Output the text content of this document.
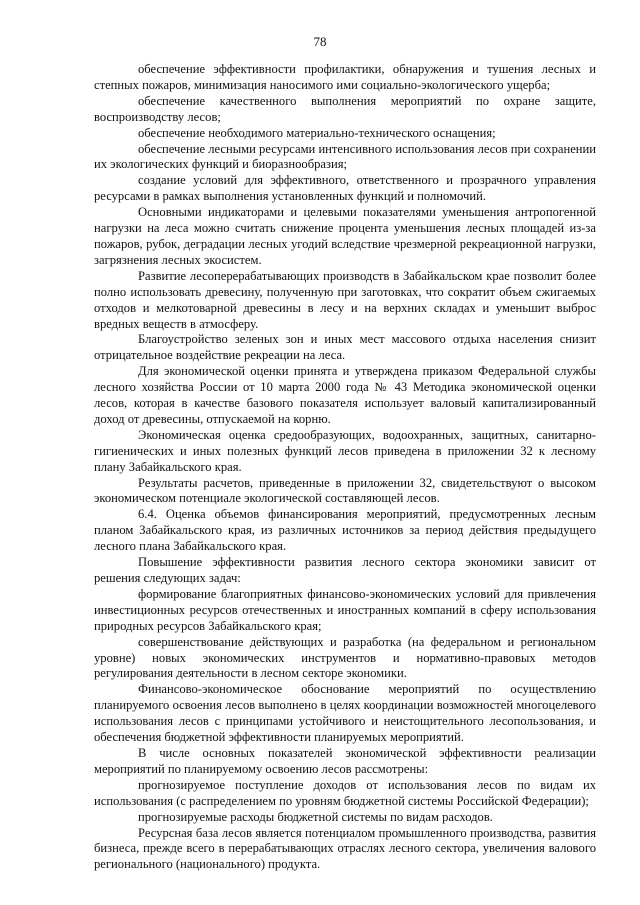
78

обеспечение эффективности профилактики, обнаружения и тушения лесных и степных пожаров, минимизация наносимого ими социально-экологического ущерба;

обеспечение качественного выполнения мероприятий по охране защите, воспроизводству лесов;

обеспечение необходимого материально-технического оснащения;

обеспечение лесными ресурсами интенсивного использования лесов при сохранении их экологических функций и биоразнообразия;

создание условий для эффективного, ответственного и прозрачного управления ресурсами в рамках выполнения установленных функций и полномочий.

Основными индикаторами и целевыми показателями уменьшения антропогенной нагрузки на леса можно считать снижение процента уменьшения лесных площадей из-за пожаров, рубок, деградации лесных угодий вследствие чрезмерной рекреационной нагрузки, загрязнения лесных экосистем.

Развитие лесоперерабатывающих производств в Забайкальском крае позволит более полно использовать древесину, полученную при заготовках, что сократит объем сжигаемых отходов и мелкотоварной древесины в лесу и на верхних складах и уменьшит выброс вредных веществ в атмосферу.

Благоустройство зеленых зон и иных мест массового отдыха населения снизит отрицательное воздействие рекреации на леса.

Для экономической оценки принята и утверждена приказом Федеральной службы лесного хозяйства России от 10 марта 2000 года № 43 Методика экономической оценки лесов, которая в качестве базового показателя использует валовый капитализированный доход от древесины, отпускаемой на корню.

Экономическая оценка средообразующих, водоохранных, защитных, санитарно-гигиенических и иных полезных функций лесов приведена в приложении 32 к лесному плану Забайкальского края.

Результаты расчетов, приведенные в приложении 32, свидетельствуют о высоком экономическом потенциале экологической составляющей лесов.

6.4. Оценка объемов финансирования мероприятий, предусмотренных лесным планом Забайкальского края, из различных источников за период действия предыдущего лесного плана Забайкальского края.

Повышение эффективности развития лесного сектора экономики зависит от решения следующих задач:

формирование благоприятных финансово-экономических условий для привлечения инвестиционных ресурсов отечественных и иностранных компаний в сферу использования природных ресурсов Забайкальского края;

совершенствование действующих и разработка (на федеральном и региональном уровне) новых экономических инструментов и нормативно-правовых методов регулирования деятельности в лесном секторе экономики.

Финансово-экономическое обоснование мероприятий по осуществлению планируемого освоения лесов выполнено в целях координации возможностей многоцелевого использования лесов с принципами устойчивого и неистощительного лесопользования, и обеспечения бюджетной эффективности планируемых мероприятий.

В числе основных показателей экономической эффективности реализации мероприятий по планируемому освоению лесов рассмотрены:

прогнозируемое поступление доходов от использования лесов по видам их использования (с распределением по уровням бюджетной системы Российской Федерации);

прогнозируемые расходы бюджетной системы по видам расходов.

Ресурсная база лесов является потенциалом промышленного производства, развития бизнеса, прежде всего в перерабатывающих отраслях лесного сектора, увеличения валового регионального (национального) продукта.
